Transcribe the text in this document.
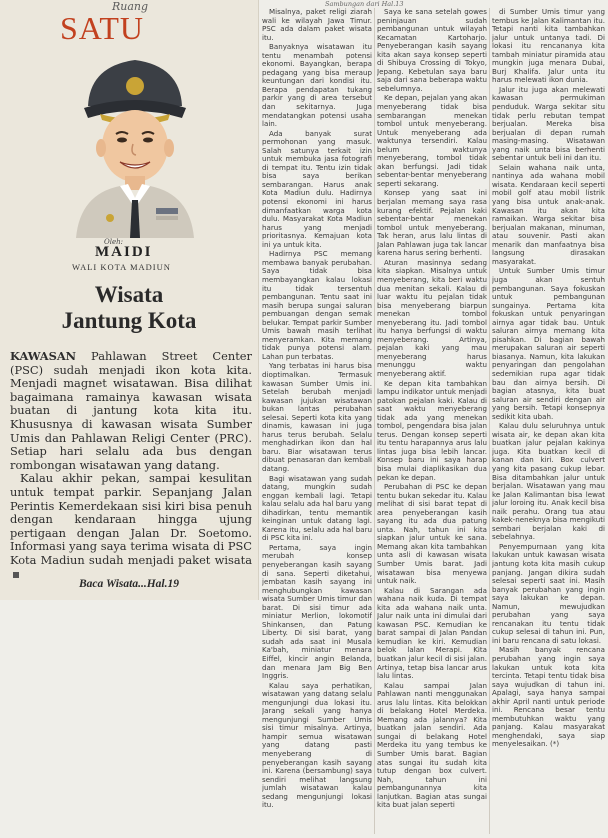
Ruang
SATU
Oleh:
MAIDI
WALI KOTA MADIUN
Wisata
Jantung Kota

KAWASAN Pahlawan Street Center (PSC) sudah menjadi ikon kota kita. Menjadi magnet wisatawan. Bisa dilihat bagaimana ramainya kawasan wisata buatan di jantung kota kita itu. Khususnya di kawasan wisata Sumber Umis dan Pahlawan Religi Center (PRC). Setiap hari selalu ada bus dengan rombongan wisatawan yang datang.

Kalau akhir pekan, sampai kesulitan untuk tempat parkir. Sepanjang Jalan Perintis Kemerdekaan sisi kiri bisa penuh dengan kendaraan hingga ujung pertigaan dengan Jalan Dr. Soetomo. Informasi yang saya terima wisata di PSC Kota Madiun sudah menjadi paket wisata

Baca Wisata...Hal.19
Sambungan dari Hal.13

Misalnya, paket religi ziarah wali ke wilayah Jawa Timur. PSC ada dalam paket wisata itu.

Banyaknya wisatawan itu tentu menambah potensi ekonomi. Bayangkan, berapa pedagang yang bisa meraup keuntungan dari kondisi itu. Berapa pendapatan tukang parkir yang di area tersebut dan sekitarnya. Juga mendatangkan potensi usaha lain.

Ada banyak surat permohonan yang masuk. Salah satunya terkait izin untuk membuka jasa fotografi di tempat itu. Tentu izin tidak bisa saya berikan sembarangan. Harus anak Kota Madiun dulu. Hadirnya potensi ekonomi ini harus dimanfaatkan warga kota dulu. Masyarakat Kota Madiun harus yang menjadi prioritasnya. Kemajuan kota ini ya untuk kita.

Hadirnya PSC memang membawa banyak perubahan. Saya tidak bisa membayangkan kalau lokasi itu tidak tersentuh pembangunan. Tentu saat ini masih berupa sungai saluran pembuangan dengan semak belukar. Tempat parkir Sumber Umis bawah masih terlihat menyeramkan. Kita memang tidak punya potensi alam. Lahan pun terbatas.

Yang terbatas ini harus bisa dioptimalkan. Termasuk kawasan Sumber Umis ini. Setelah berubah menjadi kawasan jujukan wisatawan bukan lantas perubahan selesai. Seperti kota kita yang dinamis, kawasan ini juga harus terus berubah. Selalu menghadirkan ikon dan hal baru. Biar wisatawan terus dibuat penasaran dan kembali datang.

Bagi wisatawan yang sudah datang, mungkin sudah enggan kembali lagi. Tetapi kalau selalu ada hal baru yang dihadirkan, tentu memantik keinginan untuk datang lagi. Karena itu, selalu ada hal baru di PSC kita ini.

Pertama, saya ingin merubah konsep penyeberangan kasih sayang di sana. Seperti diketahui, jembatan kasih sayang ini menghubungkan kawasan wisata Sumber Umis timur dan barat. Di sisi timur ada miniatur Merlion, lokomotif Shinkansen, dan Patung Liberty. Di sisi barat, yang sudah ada saat ini Musala Ka'bah, miniatur menara Eiffel, kincir angin Belanda, dan menara Jam Big Ben Inggris.

Kalau saya perhatikan, wisatawan yang datang selalu mengunjungi dua lokasi itu. Jarang sekali yang hanya mengunjungi Sumber Umis sisi timur misalnya. Artinya, hampir semua wisatawan yang datang pasti menyeberang di penyeberangan kasih sayang ini. Karena (bersambung) saya sendiri melihat langsung jumlah wisatawan kalau sedang mengunjungi lokasi itu.

Saya ke sana setelah gowes peninjauan sudah pembangunan untuk wilayah Kecamatan Kartoharjo. Penyeberangan kasih sayang kita akan saya konsep seperti di Shibuya Crossing di Tokyo, Jepang. Kebetulan saya baru saja dari sana beberapa waktu sebelumnya.

Ke depan, pejalan yang akan menyeberang tidak bisa sembarangan menekan tombol untuk menyeberang. Untuk menyeberang ada waktunya tersendiri. Kalau belum waktunya menyeberang, tombol tidak akan berfungsi. Jadi tidak sebentar-bentar menyeberang seperti sekarang.

Konsep yang saat ini berjalan memang saya rasa kurang efektif. Pejalan kaki sebentar-bentar menekan tombol untuk menyeberang. Tak heran, arus lalu lintas di Jalan Pahlawan juga tak lancar karena harus sering berhenti.

Aturan masinnya sedang kita siapkan. Misalnya untuk menyeberang, kita beri waktu dua menitan sekali. Kalau di luar waktu itu pejalan tidak bisa menyeberang biarpun menekan tombol menyeberang itu. Jadi tombol itu hanya berfungsi di waktu menyeberang. Artinya, pejalan kaki yang mau menyeberang harus menunggu waktu menyeberang aktif.

Ke depan kita tambahkan lampu indikator untuk menjadi patokan pejalan kaki. Kalau di saat waktu menyeberang tidak ada yang menekan tombol, pengendara bisa jalan terus. Dengan konsep seperti itu tentu harapannya arus lalu lintas juga bisa lebih lancar. Konsep baru ini saya harap bisa mulai diaplikasikan dua pekan ke depan.

Perubahan di PSC ke depan tentu bukan sekedar itu. Kalau melihat di sisi barat tepat di area penyeberangan kasih sayang itu ada dua patung unta. Nah, tahun ini kita siapkan jalur untuk ke sana. Memang akan kita tambahkan unta asli di kawasan wisata Sumber Umis barat. Jadi wisatawan bisa menyewa untuk naik.

Kalau di Sarangan ada wahana naik kuda. Di tempat kita ada wahana naik unta. Jalur naik unta ini dimulai dari kawasan PSC. Kemudian ke barat sampai di Jalan Pandan kemudian ke kiri. Kemudian belok lalan Merapi. Kita buatkan jalur kecil di sisi jalan. Artinya, tetap bisa lancar arus lalu lintas.

Kalau sampai Jalan Pahlawan nanti menggunakan arus lalu lintas. Kita belokkan di belakang Hotel Merdeka. Memang ada jalannya? Kita buatkan jalan sendiri. Ada sungai di belakang Hotel Merdeka itu yang tembus ke Sumber Umis barat. Bagian atas sungai itu sudah kita tutup dengan box culvert. Nah, tahun ini pembangunannya kita lanjutkan. Bagian atas sungai kita buat jalan seperti

di Sumber Umis timur yang tembus ke Jalan Kalimantan itu. Tetapi nanti kita tambahkan jalur untuk untanya tadi. Di lokasi itu rencananya kita tambah miniatur piramida atau mungkin juga menara Dubai, Burj Khalifa. Jalur unta itu harus melewati ikon dunia.

Jalur itu juga akan melewati kawasan permukiman penduduk. Warga sekitar situ tidak perlu rebutan tempat berjualan. Mereka bisa berjualan di depan rumah masing-masing. Wisatawan yang naik unta bisa berhenti sebentar untuk beli ini dan itu.

Selain wahana naik unta, nantinya ada wahana mobil wisata. Kendaraan kecil seperti mobil golf atau mobil listrik yang bisa untuk anak-anak. Kawasan itu akan kita ramaikan. Warga sekitar bisa berjualan makanan, minuman, atau souvenir. Pasti akan menarik dan manfaatnya bisa langsung dirasakan masyarakat.

Untuk Sumber Umis timur juga akan sentuh pembangunan. Saya fokuskan untuk pembangunan sungainya. Pertama kita fokuskan untuk penyaringan airnya agar tidak bau. Untuk saluran airnya memang kita pisahkan. Di bagian bawah merupakan saluran air seperti biasanya. Namun, kita lakukan penyaringan dan pengolahan sedemikian rupa agar tidak bau dan airnya bersih. Di bagian atasnya, kita buat saluran air sendiri dengan air yang bersih. Tetapi konsepnya sedikit kita ubah.

Kalau dulu seluruhnya untuk wisata air, ke depan akan kita buatkan jalur pejalan kakinya juga. Kita buatkan kecil di kanan dan kiri. Box culvert yang kita pasang cukup lebar. Bisa ditambahkan jalur untuk berjalan. Wisatawan yang mau ke Jalan Kalimantan bisa lewat jalur loroing itu. Anak kecil bisa naik perahu. Orang tua atau kakek-neneknya bisa mengikuti sembari berjalan kaki di sebelahnya.

Penyempurnaan yang kita lakukan untuk kawasan wisata jantung kota kita masih cukup panjang. Jangan dikira sudah selesai seperti saat ini. Masih banyak perubahan yang ingin saya lakukan ke depan. Namun, mewujudkan perubahan yang saya rencanakan itu tentu tidak cukup selesai di tahun ini. Pun, ini baru rencana di satu lokasi.

Masih banyak rencana perubahan yang ingin saya lakukan untuk kota kita tercinta. Tetapi tentu tidak bisa saya wujudkan di tahun ini. Apalagi, saya hanya sampai akhir April nanti untuk periode ini. Rencana besar tentu membutuhkan waktu yang panjang. Kalau masyarakat menghendaki, saya siap menyelesaikan. (*)
